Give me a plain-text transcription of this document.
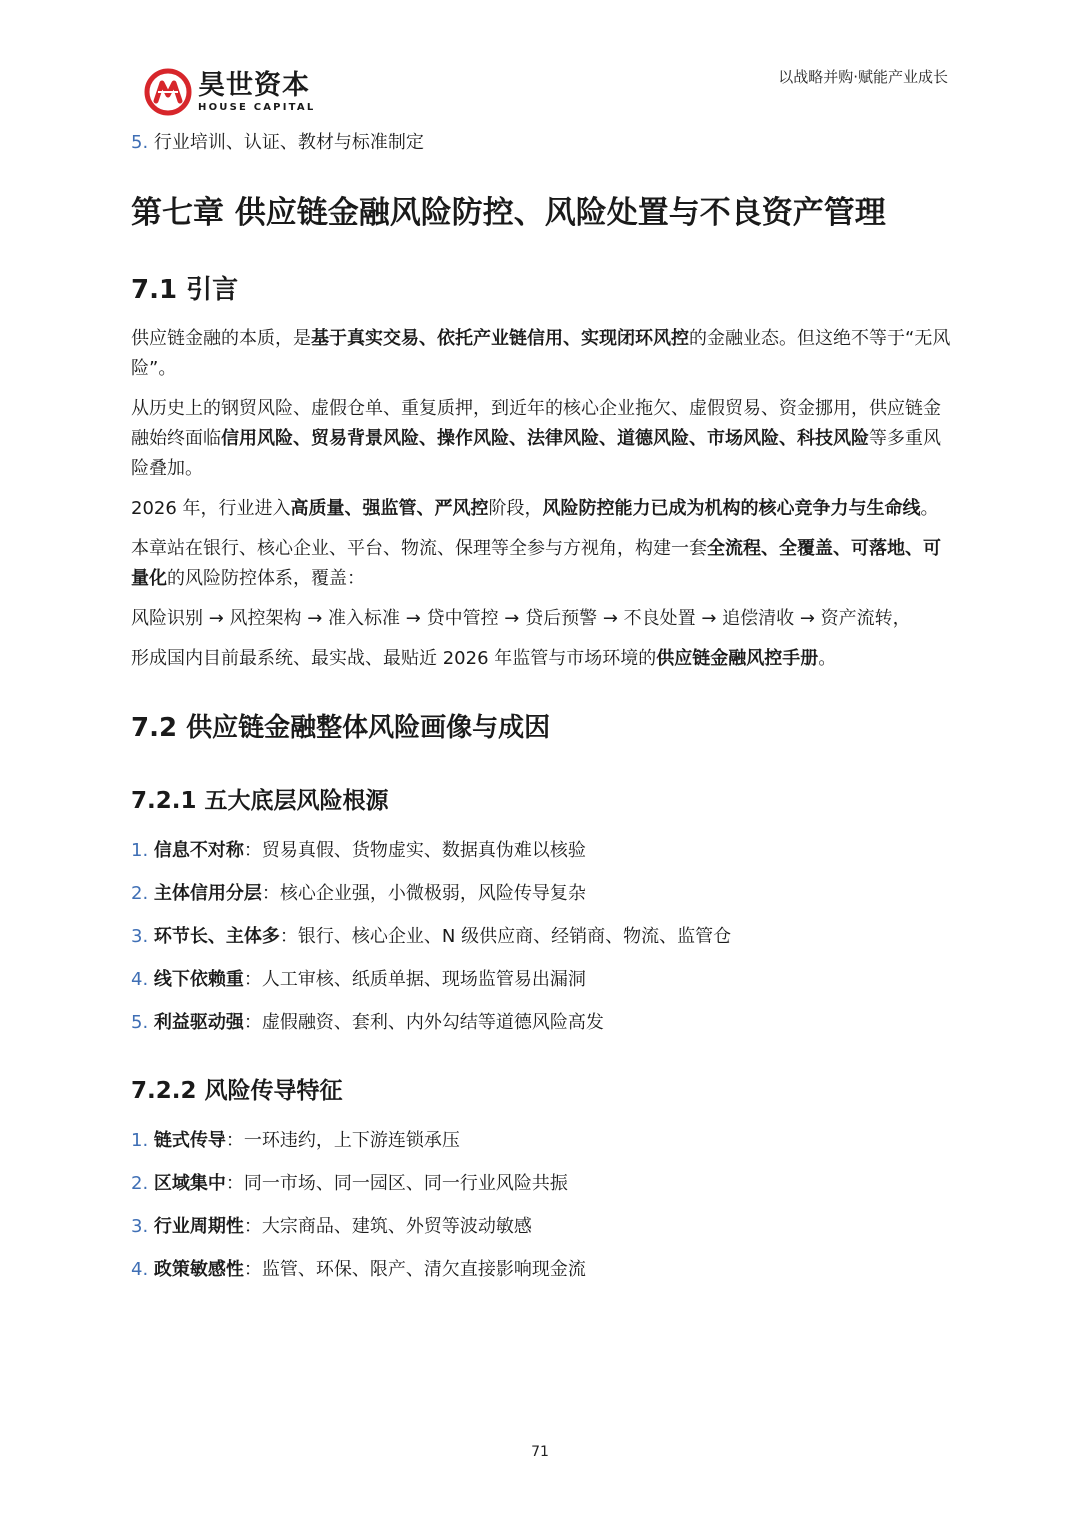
昊世资本
HOUSE CAPITAL
以战略并购·赋能产业成长
5. 行业培训、认证、教材与标准制定
第七章 供应链金融风险防控、风险处置与不良资产管理
7.1 引言

供应链金融的本质，是基于真实交易、依托产业链信用、实现闭环风控的金融业态。但这绝不等于“无风险”。

从历史上的钢贸风险、虚假仓单、重复质押，到近年的核心企业拖欠、虚假贸易、资金挪用，供应链金融始终面临信用风险、贸易背景风险、操作风险、法律风险、道德风险、市场风险、科技风险等多重风险叠加。

2026 年，行业进入高质量、强监管、严风控阶段，风险防控能力已成为机构的核心竞争力与生命线。

本章站在银行、核心企业、平台、物流、保理等全参与方视角，构建一套全流程、全覆盖、可落地、可量化的风险防控体系，覆盖：

风险识别 → 风控架构 → 准入标准 → 贷中管控 → 贷后预警 → 不良处置 → 追偿清收 → 资产流转，

形成国内目前最系统、最实战、最贴近 2026 年监管与市场环境的供应链金融风控手册。

7.2 供应链金融整体风险画像与成因
7.2.1 五大底层风险根源
1. 信息不对称：贸易真假、货物虚实、数据真伪难以核验
2. 主体信用分层：核心企业强，小微极弱，风险传导复杂
3. 环节长、主体多：银行、核心企业、N 级供应商、经销商、物流、监管仓
4. 线下依赖重：人工审核、纸质单据、现场监管易出漏洞
5. 利益驱动强：虚假融资、套利、内外勾结等道德风险高发
7.2.2 风险传导特征
1. 链式传导：一环违约，上下游连锁承压
2. 区域集中：同一市场、同一园区、同一行业风险共振
3. 行业周期性：大宗商品、建筑、外贸等波动敏感
4. 政策敏感性：监管、环保、限产、清欠直接影响现金流
71
